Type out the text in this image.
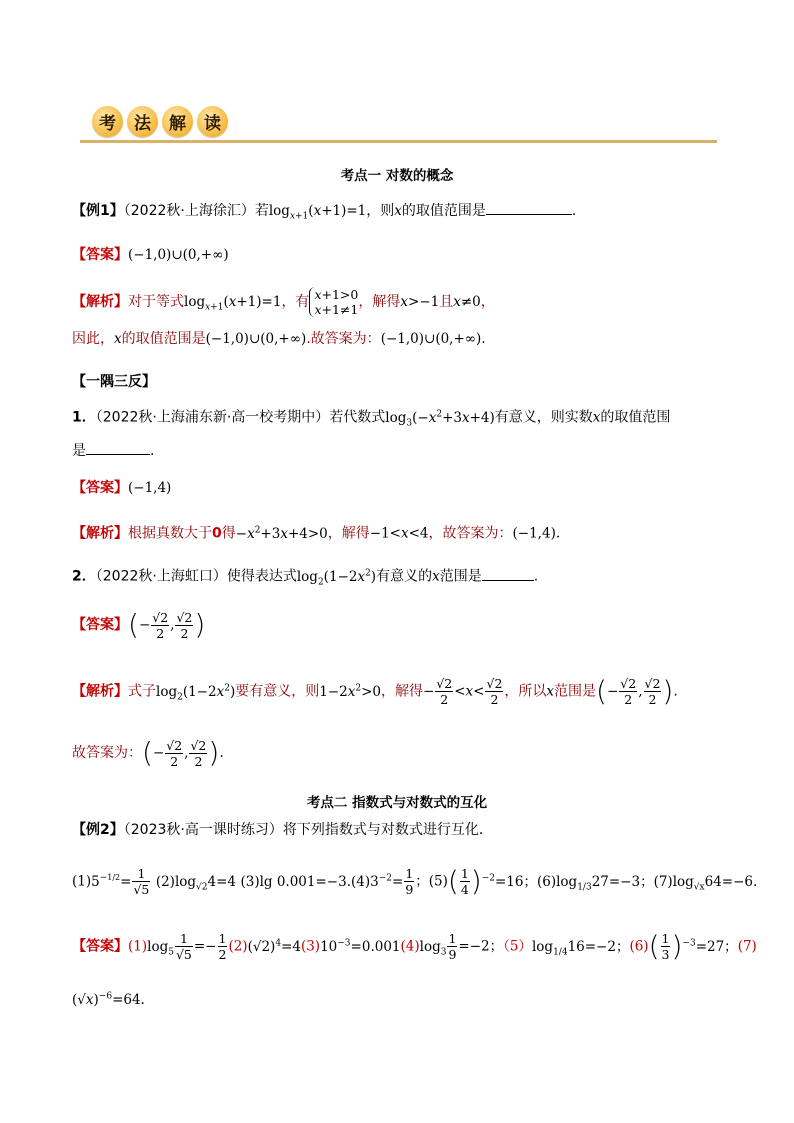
考	法	解	读
考点一 对数的概念
【例1】（2022秋·上海徐汇）若$\log_{x+1}(x+1)=1$，则x的取值范围是	.
【答案】(−1,0)∪(0,+∞)
【解析】对于等式$\log_{x+1}(x+1)=1$，有 x+1>0
x+1≠1 ，解得x>−1且x≠0，
因此，x的取值范围是(−1,0)∪(0,+∞).故答案为：(−1,0)∪(0,+∞).
【一隅三反】
1．（2022秋·上海浦东新·高一校考期中）若代数式$\log_3(-x^2+3x+4)$有意义，则实数x的取值范围
是	.
【答案】(−1,4)
【解析】根据真数大于0得$-x^2+3x+4>0$，解得−1<x<4，故答案为：(−1,4).
2．（2022秋·上海虹口）使得表达式$\log_2(1-2x^2)$有意义的x范围是	.
【答案】(− $\frac{√2}{2}$ , $\frac{√2}{2}$ )
【解析】式子$\log_2(1-2x^2)$要有意义，则$1-2x^2>0$，解得− $\frac{√2}{2} <x< \frac{√2}{2}$ ，所以x范围是(− $\frac{√2}{2}$ , $\frac{√2}{2}$ ).
故答案为：(− $\frac{√2}{2}$ , $\frac{√2}{2}$ ).
考点二 指数式与对数式的互化
【例2】（2023秋·高一课时练习）将下列指数式与对数式进行互化．
$(1)5^{-1/2}= \frac{1}{√5} (2)\log_{√2}4=4$ (3)lg $0.001=-3.(4)3^{-2}= \frac{1}{9}$ ；$(5)( \frac{1}{4} )^{-2}=16$；$(6)\log_{1/3}27=-3$；$(7)\log_{√x}64=-6$.
【答案】$(1)\log_5 \frac{1}{√5} =- \frac{1}{2} (2)(√2)^4=4(3)10^{-3}=0.001(4)\log_3 \frac{1}{9} =-2$；$(5)\log_{1/4}16=-2$；$(6)( \frac{1}{3} )^{-3}=27$；(7)
$(√x)^{-6}=64$.
